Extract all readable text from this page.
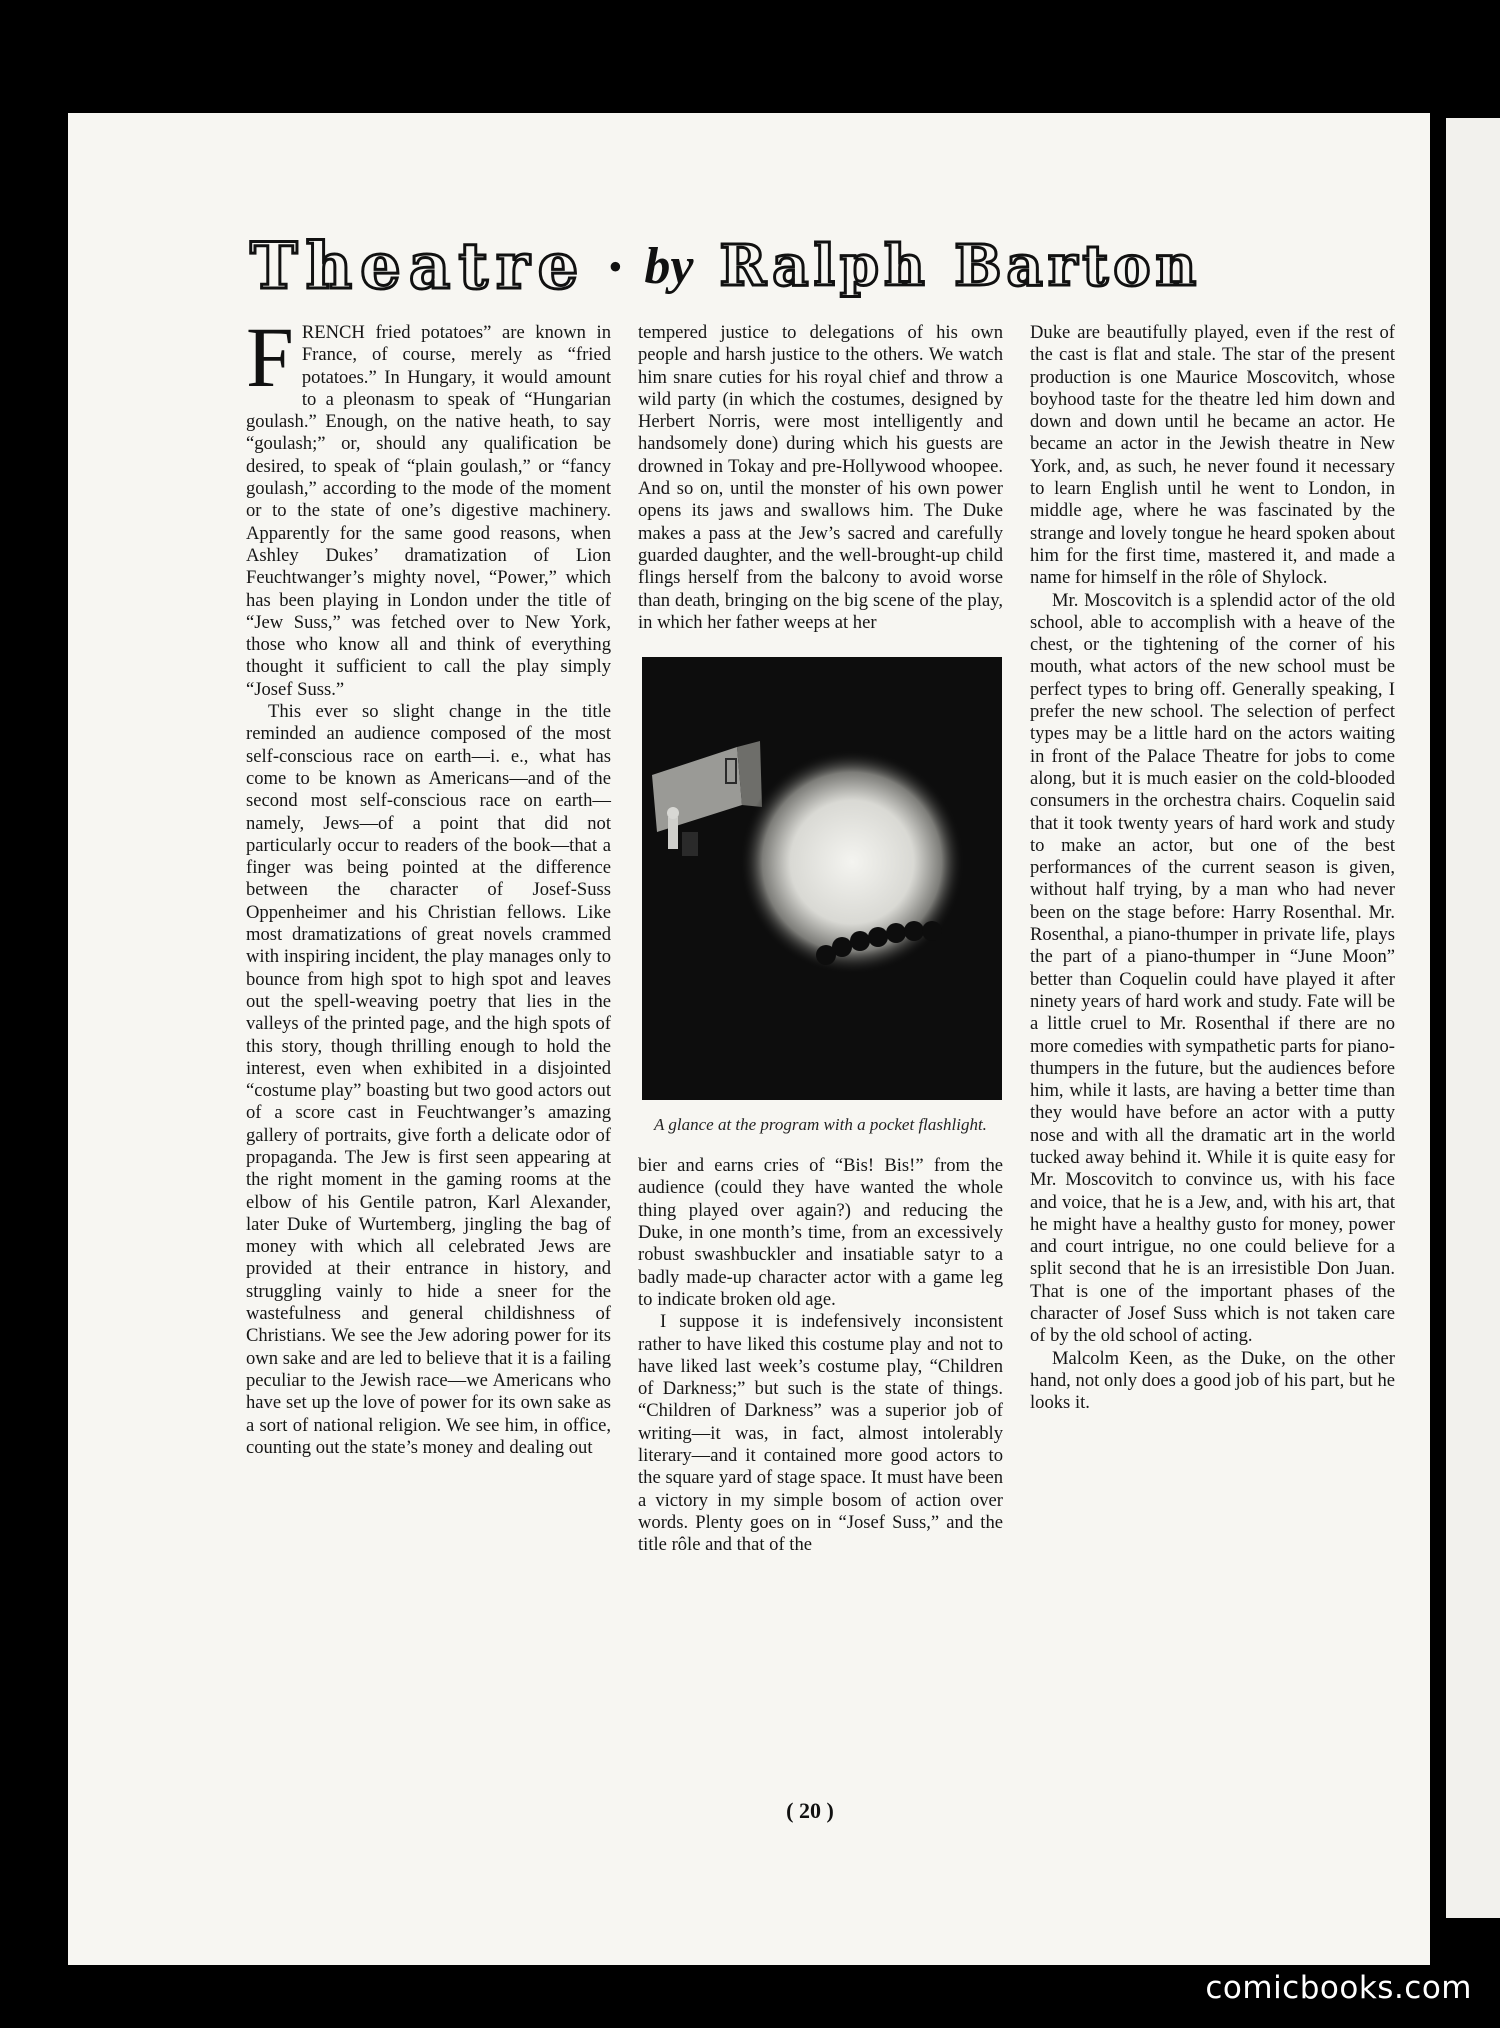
Theatre • by Ralph Barton

FRENCH fried potatoes” are known in France, of course, merely as “fried potatoes.” In Hungary, it would amount to a pleonasm to speak of “Hungarian goulash.” Enough, on the native heath, to say “goulash;” or, should any qualification be desired, to speak of “plain goulash,” or “fancy goulash,” according to the mode of the moment or to the state of one’s digestive machinery. Apparently for the same good reasons, when Ashley Dukes’ dramatization of Lion Feuchtwanger’s mighty novel, “Power,” which has been playing in London under the title of “Jew Suss,” was fetched over to New York, those who know all and think of everything thought it sufficient to call the play simply “Josef Suss.”

This ever so slight change in the title reminded an audience composed of the most self-conscious race on earth—i. e., what has come to be known as Americans—and of the second most self-conscious race on earth—namely, Jews—of a point that did not particularly occur to readers of the book—that a finger was being pointed at the difference between the character of Josef-Suss Oppenheimer and his Christian fellows. Like most dramatizations of great novels crammed with inspiring incident, the play manages only to bounce from high spot to high spot and leaves out the spell-weaving poetry that lies in the valleys of the printed page, and the high spots of this story, though thrilling enough to hold the interest, even when exhibited in a disjointed “costume play” boasting but two good actors out of a score cast in Feuchtwanger’s amazing gallery of portraits, give forth a delicate odor of propaganda. The Jew is first seen appearing at the right moment in the gaming rooms at the elbow of his Gentile patron, Karl Alexander, later Duke of Wurtemberg, jingling the bag of money with which all celebrated Jews are provided at their entrance in history, and struggling vainly to hide a sneer for the wastefulness and general childishness of Christians. We see the Jew adoring power for its own sake and are led to believe that it is a failing peculiar to the Jewish race—we Americans who have set up the love of power for its own sake as a sort of national religion. We see him, in office, counting out the state’s money and dealing out

tempered justice to delegations of his own people and harsh justice to the others. We watch him snare cuties for his royal chief and throw a wild party (in which the costumes, designed by Herbert Norris, were most intelligently and handsomely done) during which his guests are drowned in Tokay and pre-Hollywood whoopee. And so on, until the monster of his own power opens its jaws and swallows him. The Duke makes a pass at the Jew’s sacred and carefully guarded daughter, and the well-brought-up child flings herself from the balcony to avoid worse than death, bringing on the big scene of the play, in which her father weeps at her

A glance at the program with a pocket flashlight.

bier and earns cries of “Bis! Bis!” from the audience (could they have wanted the whole thing played over again?) and reducing the Duke, in one month’s time, from an excessively robust swashbuckler and insatiable satyr to a badly made-up character actor with a game leg to indicate broken old age.

I suppose it is indefensively inconsistent rather to have liked this costume play and not to have liked last week’s costume play, “Children of Darkness;” but such is the state of things. “Children of Darkness” was a superior job of writing—it was, in fact, almost intolerably literary—and it contained more good actors to the square yard of stage space. It must have been a victory in my simple bosom of action over words. Plenty goes on in “Josef Suss,” and the title rôle and that of the

Duke are beautifully played, even if the rest of the cast is flat and stale. The star of the present production is one Maurice Moscovitch, whose boyhood taste for the theatre led him down and down and down until he became an actor. He became an actor in the Jewish theatre in New York, and, as such, he never found it necessary to learn English until he went to London, in middle age, where he was fascinated by the strange and lovely tongue he heard spoken about him for the first time, mastered it, and made a name for himself in the rôle of Shylock.

Mr. Moscovitch is a splendid actor of the old school, able to accomplish with a heave of the chest, or the tightening of the corner of his mouth, what actors of the new school must be perfect types to bring off. Generally speaking, I prefer the new school. The selection of perfect types may be a little hard on the actors waiting in front of the Palace Theatre for jobs to come along, but it is much easier on the cold-blooded consumers in the orchestra chairs. Coquelin said that it took twenty years of hard work and study to make an actor, but one of the best performances of the current season is given, without half trying, by a man who had never been on the stage before: Harry Rosenthal. Mr. Rosenthal, a piano-thumper in private life, plays the part of a piano-thumper in “June Moon” better than Coquelin could have played it after ninety years of hard work and study. Fate will be a little cruel to Mr. Rosenthal if there are no more comedies with sympathetic parts for piano-thumpers in the future, but the audiences before him, while it lasts, are having a better time than they would have before an actor with a putty nose and with all the dramatic art in the world tucked away behind it. While it is quite easy for Mr. Moscovitch to convince us, with his face and voice, that he is a Jew, and, with his art, that he might have a healthy gusto for money, power and court intrigue, no one could believe for a split second that he is an irresistible Don Juan. That is one of the important phases of the character of Josef Suss which is not taken care of by the old school of acting.

Malcolm Keen, as the Duke, on the other hand, not only does a good job of his part, but he looks it.

( 20 )
comicbooks.com
